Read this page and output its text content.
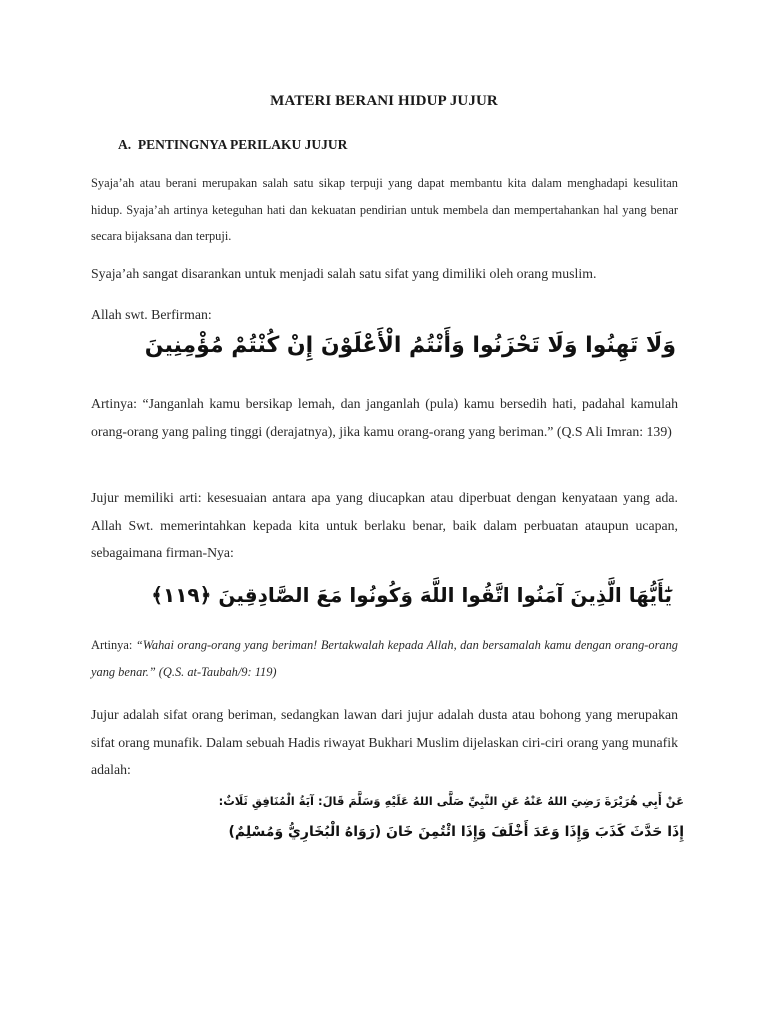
MATERI BERANI HIDUP JUJUR
A.  PENTINGNYA PERILAKU JUJUR
Syaja’ah atau berani merupakan salah satu sikap terpuji yang dapat membantu kita dalam menghadapi kesulitan hidup. Syaja’ah artinya keteguhan hati dan kekuatan pendirian untuk membela dan mempertahankan hal yang benar secara bijaksana dan terpuji.
Syaja’ah sangat disarankan untuk menjadi salah satu sifat yang dimiliki oleh orang muslim.
Allah swt. Berfirman:
وَلَا تَهِنُوا وَلَا تَحْزَنُوا وَأَنْتُمُ الْأَعْلَوْنَ إِنْ كُنْتُمْ مُؤْمِنِينَ
Artinya: “Janganlah kamu bersikap lemah, dan janganlah (pula) kamu bersedih hati, padahal kamulah orang-orang yang paling tinggi (derajatnya), jika kamu orang-orang yang beriman.” (Q.S Ali Imran: 139)
Jujur memiliki arti: kesesuaian antara apa yang diucapkan atau diperbuat dengan kenyataan yang ada. Allah Swt. memerintahkan kepada kita untuk berlaku benar, baik dalam perbuatan ataupun ucapan, sebagaimana firman-Nya:
يَٰٓأَيُّهَا الَّذِينَ آمَنُوا اتَّقُوا اللَّهَ وَكُونُوا مَعَ الصَّادِقِينَ ﴿١١٩﴾
Artinya: “Wahai orang-orang yang beriman! Bertakwalah kepada Allah, dan bersamalah kamu dengan orang-orang yang benar.” (Q.S. at-Taubah/9: 119)
Jujur adalah sifat orang beriman, sedangkan lawan dari jujur adalah dusta atau bohong yang merupakan sifat orang munafik. Dalam sebuah Hadis riwayat Bukhari Muslim dijelaskan ciri-ciri orang yang munafik adalah:
عَنْ أَبِي هُرَيْرَةَ رَضِيَ اللهُ عَنْهُ عَنِ النَّبِيِّ صَلَّى اللهُ عَلَيْهِ وَسَلَّمَ قَالَ: آيَةُ الْمُنَافِقِ ثَلَاثٌ:
إِذَا حَدَّثَ كَذَبَ وَإِذَا وَعَدَ أَخْلَفَ وَإِذَا ائْتُمِنَ خَانَ (رَوَاهُ الْبُخَارِيُّ وَمُسْلِمٌ)
